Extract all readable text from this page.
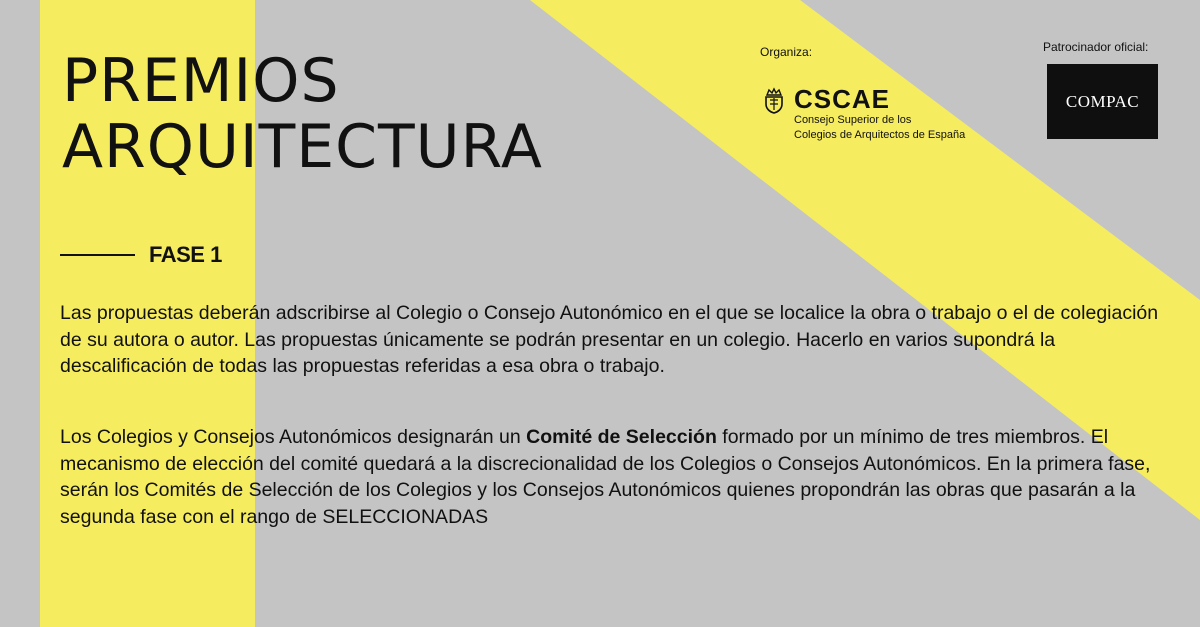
PREMIOS
ARQUITECTURA
FASE 1

Las propuestas deberán adscribirse al Colegio o Consejo Autonómico en el que se localice la obra o trabajo o el de colegiación de su autora o autor. Las propuestas únicamente se podrán presentar en un colegio. Hacerlo en varios supondrá la descalificación de todas las propuestas referidas a esa obra o trabajo.

Los Colegios y Consejos Autonómicos designarán un Comité de Selección formado por un mínimo de tres miembros. El mecanismo de elección del comité quedará a la discrecionalidad de los Colegios o Consejos Autonómicos. En la primera fase, serán los Comités de Selección de los Colegios y los Consejos Autonómicos quienes propondrán las obras que pasarán a la segunda fase con el rango de SELECCIONADAS

Organiza:
CSCAE
Consejo Superior de los
Colegios de Arquitectos de España
Patrocinador oficial:
COMPAC
